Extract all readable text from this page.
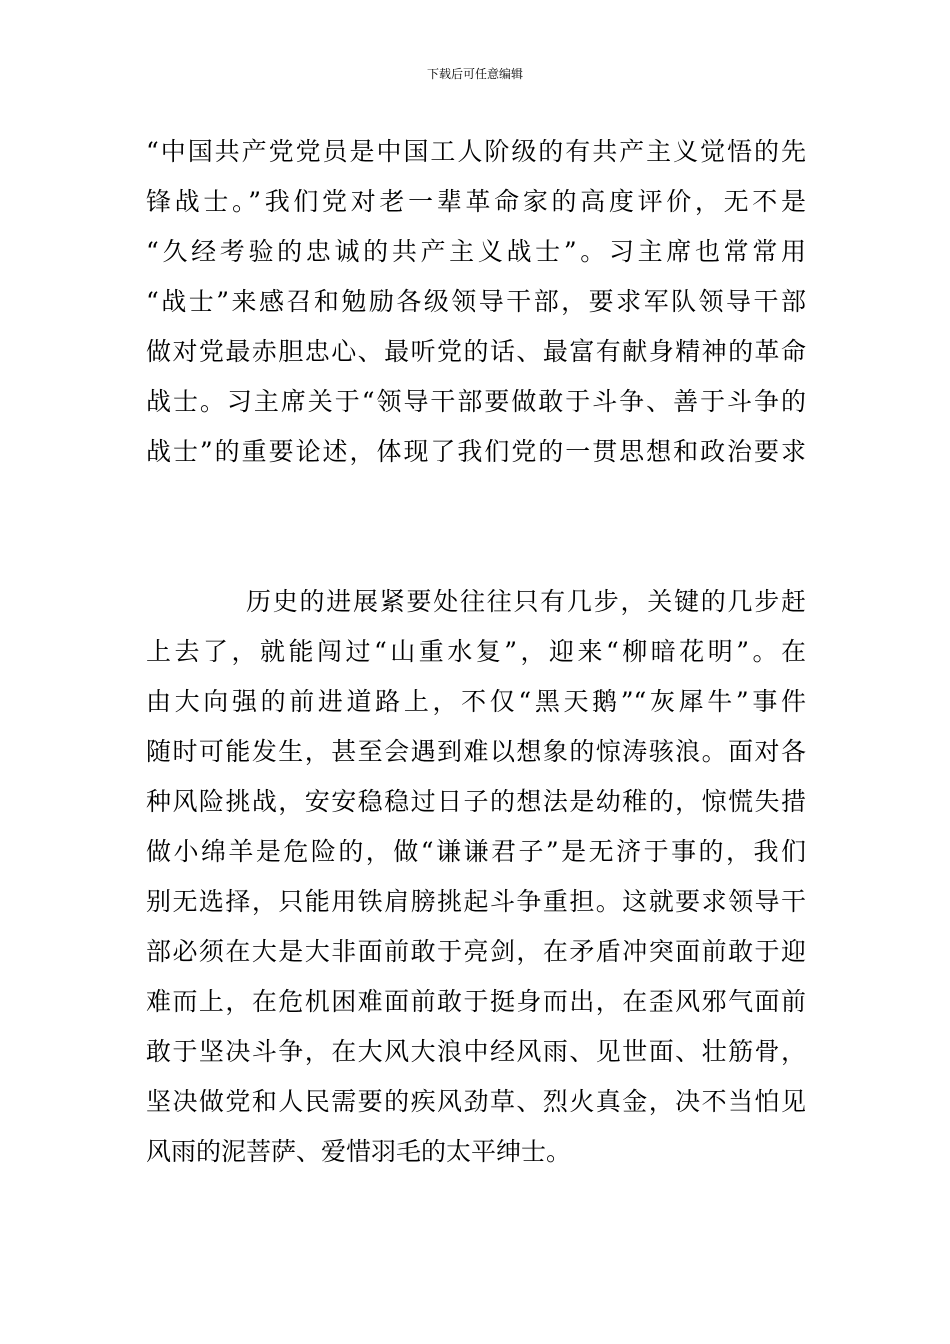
下载后可任意编辑
“中国共产党党员是中国工人阶级的有共产主义觉悟的先
锋战士。”我们党对老一辈革命家的高度评价，无不是
“久经考验的忠诚的共产主义战士”。习主席也常常用
“战士”来感召和勉励各级领导干部，要求军队领导干部
做对党最赤胆忠心、最听党的话、最富有献身精神的革命
战士。习主席关于“领导干部要做敢于斗争、善于斗争的
战士”的重要论述，体现了我们党的一贯思想和政治要求
历史的进展紧要处往往只有几步，关键的几步赶
上去了，就能闯过“山重水复”，迎来“柳暗花明”。在
由大向强的前进道路上，不仅“黑天鹅”“灰犀牛”事件
随时可能发生，甚至会遇到难以想象的惊涛骇浪。面对各
种风险挑战，安安稳稳过日子的想法是幼稚的，惊慌失措
做小绵羊是危险的，做“谦谦君子”是无济于事的，我们
别无选择，只能用铁肩膀挑起斗争重担。这就要求领导干
部必须在大是大非面前敢于亮剑，在矛盾冲突面前敢于迎
难而上，在危机困难面前敢于挺身而出，在歪风邪气面前
敢于坚决斗争，在大风大浪中经风雨、见世面、壮筋骨，
坚决做党和人民需要的疾风劲草、烈火真金，决不当怕见
风雨的泥菩萨、爱惜羽毛的太平绅士。
